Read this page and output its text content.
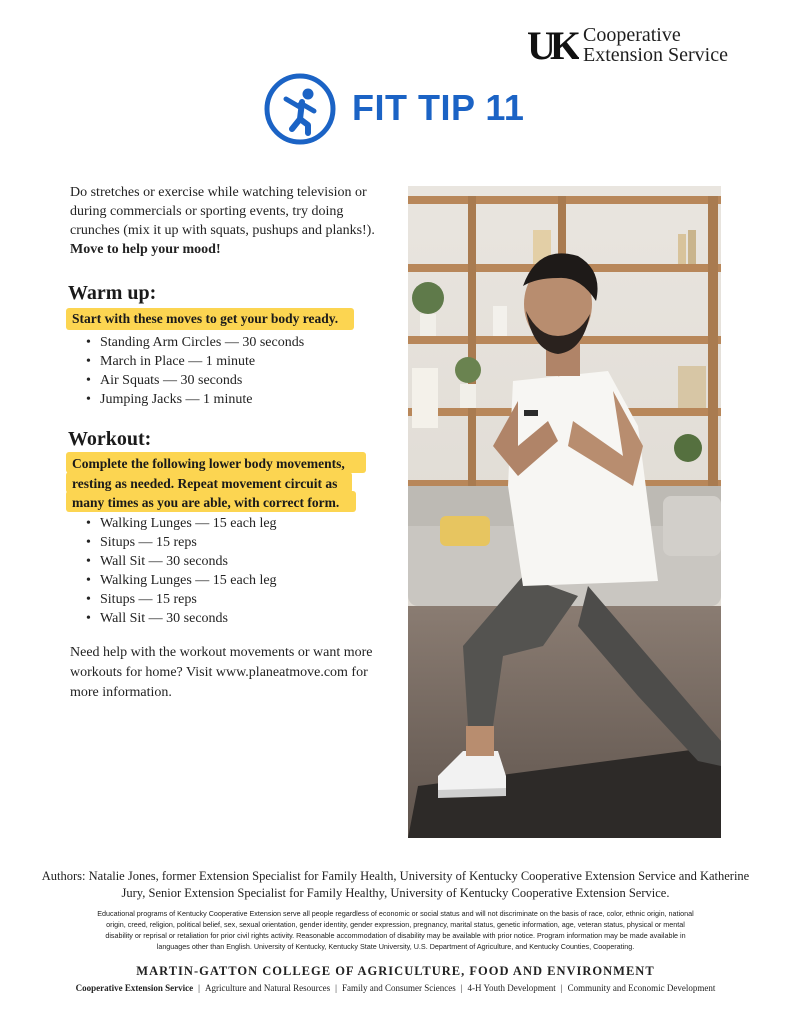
UK Cooperative
Extension Service
FIT TIP 11
Do stretches or exercise while watching television or during commercials or sporting events, try doing crunches (mix it up with squats, pushups and planks!). Move to help your mood!
Warm up:
Start with these moves to get your body ready.
• Standing Arm Circles — 30 seconds
• March in Place — 1 minute
• Air Squats — 30 seconds
• Jumping Jacks — 1 minute
Workout:
Complete the following lower body movements, resting as needed. Repeat movement circuit as many times as you are able, with correct form.
• Walking Lunges — 15 each leg
• Situps — 15 reps
• Wall Sit — 30 seconds
• Walking Lunges — 15 each leg
• Situps — 15 reps
• Wall Sit — 30 seconds
Need help with the workout movements or want more workouts for home? Visit www.planeatmove.com for more information.
Authors: Natalie Jones, former Extension Specialist for Family Health, University of Kentucky Cooperative Extension Service and Katherine Jury, Senior Extension Specialist for Family Healthy, University of Kentucky Cooperative Extension Service.
Educational programs of Kentucky Cooperative Extension serve all people regardless of economic or social status and will not discriminate on the basis of race, color, ethnic origin, national origin, creed, religion, political belief, sex, sexual orientation, gender identity, gender expression, pregnancy, marital status, genetic information, age, veteran status, physical or mental disability or reprisal or retaliation for prior civil rights activity. Reasonable accommodation of disability may be available with prior notice. Program information may be made available in languages other than English. University of Kentucky, Kentucky State University, U.S. Department of Agriculture, and Kentucky Counties, Cooperating.
MARTIN-GATTON COLLEGE OF AGRICULTURE, FOOD AND ENVIRONMENT
Cooperative Extension Service | Agriculture and Natural Resources | Family and Consumer Sciences | 4-H Youth Development | Community and Economic Development
